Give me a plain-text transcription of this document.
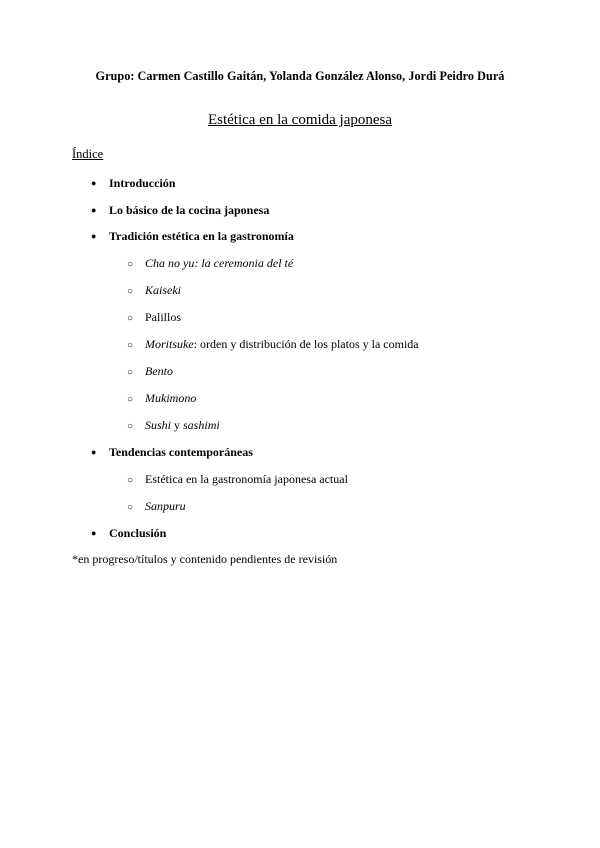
Grupo: Carmen Castillo Gaitán, Yolanda González Alonso, Jordi Peidro Durá
Estética en la comida japonesa
Índice
● Introducción
● Lo básico de la cocina japonesa
● Tradición estética en la gastronomía
○ Cha no yu: la ceremonia del té
○ Kaiseki
○ Palillos
○ Moritsuke: orden y distribución de los platos y la comida
○ Bento
○ Mukimono
○ Sushi y sashimi
● Tendencias contemporáneas
○ Estética en la gastronomía japonesa actual
○ Sanpuru
● Conclusión
*en progreso/títulos y contenido pendientes de revisión
